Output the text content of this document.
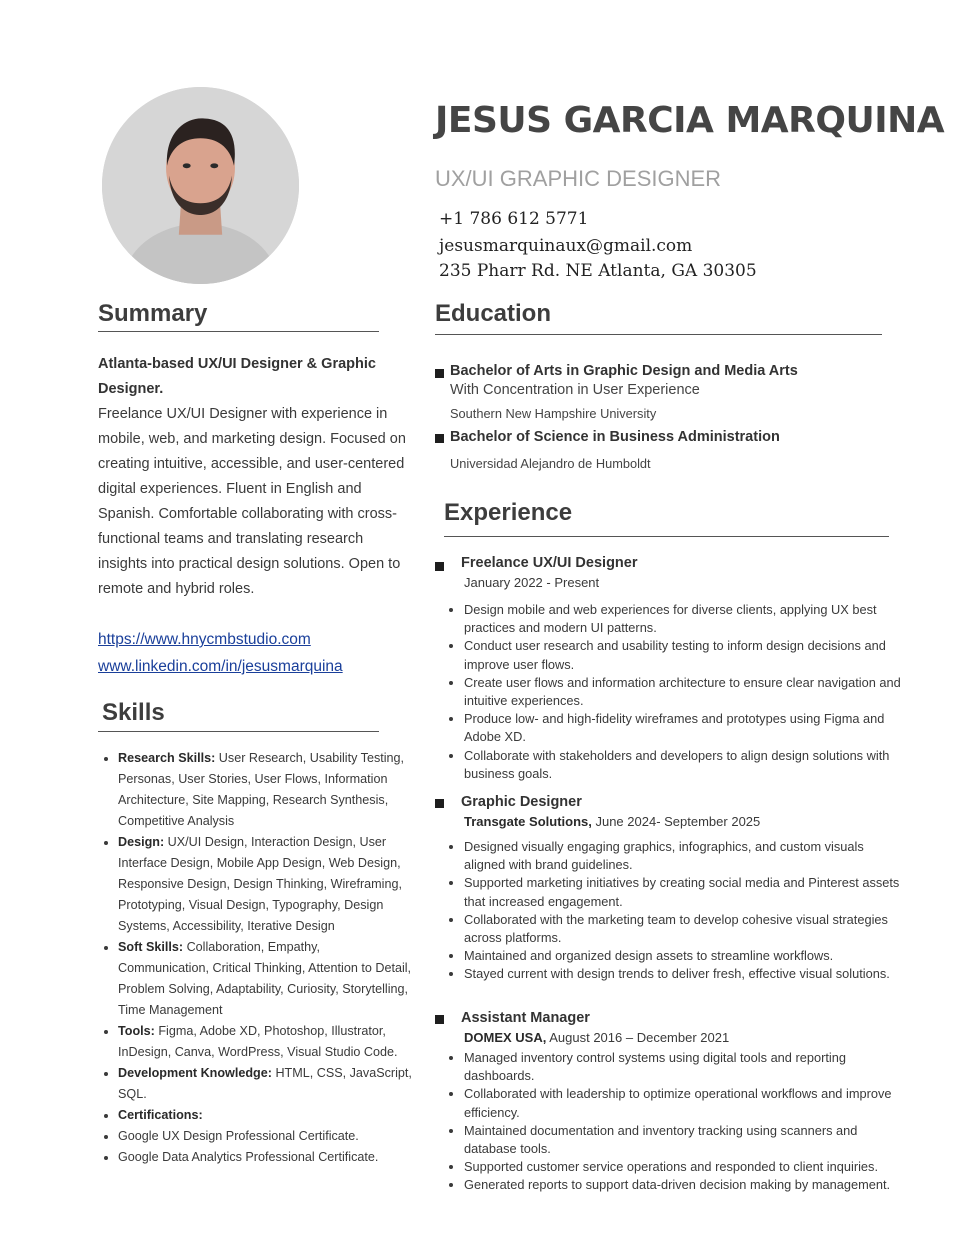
JESUS GARCIA MARQUINA
UX/UI GRAPHIC DESIGNER
+1 786 612 5771
jesusmarquinaux@gmail.com
235 Pharr Rd. NE Atlanta, GA 30305
Summary
Atlanta-based UX/UI Designer & Graphic Designer.
Freelance UX/UI Designer with experience in mobile, web, and marketing design. Focused on creating intuitive, accessible, and user-centered digital experiences. Fluent in English and Spanish. Comfortable collaborating with cross-functional teams and translating research insights into practical design solutions. Open to remote and hybrid roles.
https://www.hnycmbstudio.com
www.linkedin.com/in/jesusmarquina
Skills
• Research Skills: User Research, Usability Testing, Personas, User Stories, User Flows, Information Architecture, Site Mapping, Research Synthesis, Competitive Analysis
• Design: UX/UI Design, Interaction Design, User Interface Design, Mobile App Design, Web Design, Responsive Design, Design Thinking, Wireframing, Prototyping, Visual Design, Typography, Design Systems, Accessibility, Iterative Design
• Soft Skills: Collaboration, Empathy, Communication, Critical Thinking, Attention to Detail, Problem Solving, Adaptability, Curiosity, Storytelling, Time Management
• Tools: Figma, Adobe XD, Photoshop, Illustrator, InDesign, Canva, WordPress, Visual Studio Code.
• Development Knowledge: HTML, CSS, JavaScript, SQL.
• Certifications:
• Google UX Design Professional Certificate.
• Google Data Analytics Professional Certificate.
Education
Bachelor of Arts in Graphic Design and Media Arts
With Concentration in User Experience
Southern New Hampshire University
Bachelor of Science in Business Administration
Universidad Alejandro de Humboldt
Experience
Freelance UX/UI Designer
January 2022 - Present
• Design mobile and web experiences for diverse clients, applying UX best practices and modern UI patterns.
• Conduct user research and usability testing to inform design decisions and improve user flows.
• Create user flows and information architecture to ensure clear navigation and intuitive experiences.
• Produce low- and high-fidelity wireframes and prototypes using Figma and Adobe XD.
• Collaborate with stakeholders and developers to align design solutions with business goals.
Graphic Designer
Transgate Solutions, June 2024- September 2025
• Designed visually engaging graphics, infographics, and custom visuals aligned with brand guidelines.
• Supported marketing initiatives by creating social media and Pinterest assets that increased engagement.
• Collaborated with the marketing team to develop cohesive visual strategies across platforms.
• Maintained and organized design assets to streamline workflows.
• Stayed current with design trends to deliver fresh, effective visual solutions.
Assistant Manager
DOMEX USA, August 2016 – December 2021
• Managed inventory control systems using digital tools and reporting dashboards.
• Collaborated with leadership to optimize operational workflows and improve efficiency.
• Maintained documentation and inventory tracking using scanners and database tools.
• Supported customer service operations and responded to client inquiries.
• Generated reports to support data-driven decision making by management.
